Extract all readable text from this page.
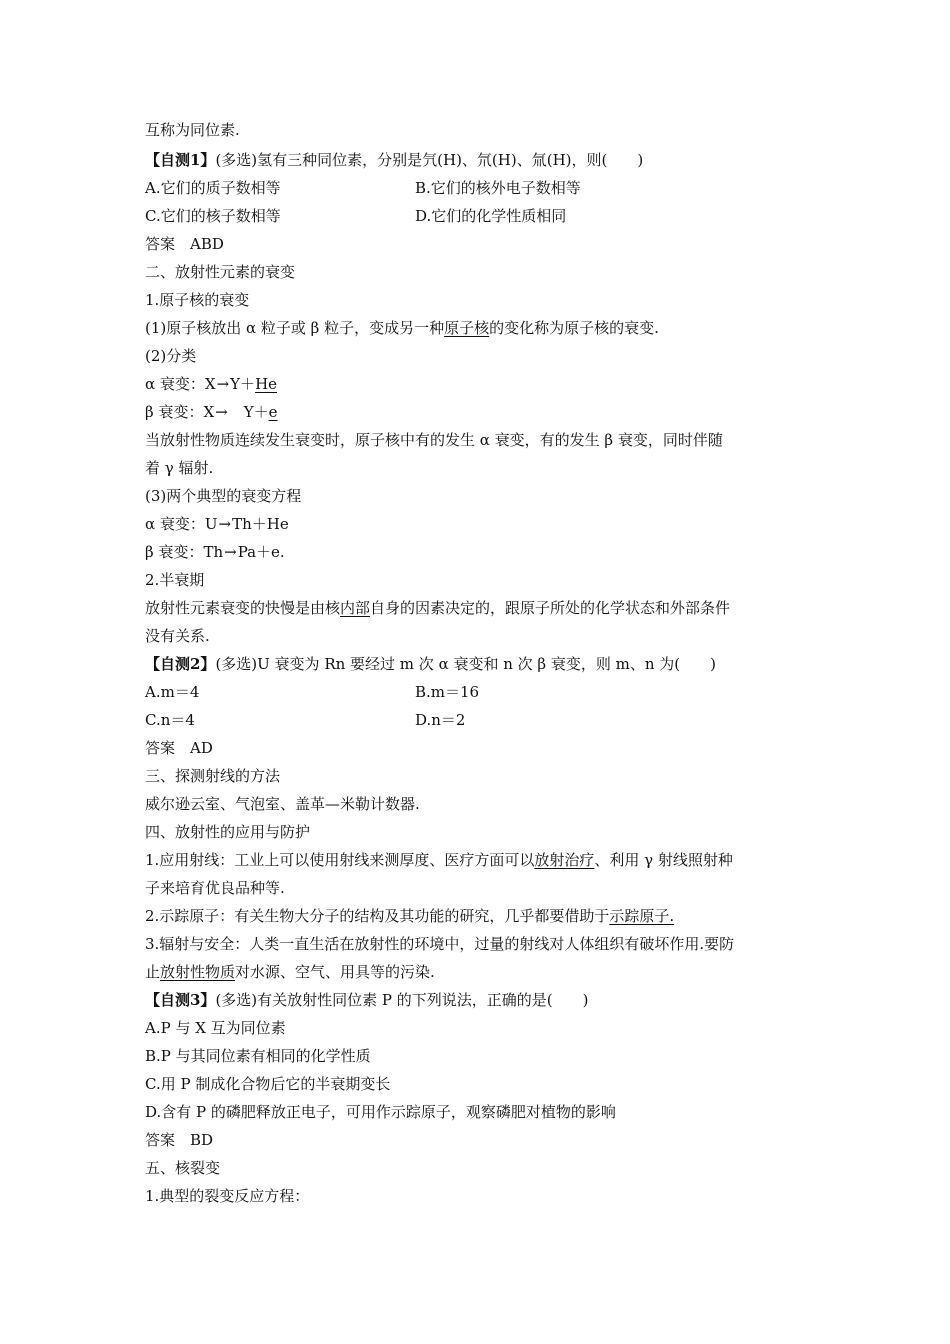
互称为同位素.
【自测1】(多选)氢有三种同位素，分别是氕(H)、氘(H)、氚(H)，则(　　)
A.它们的质子数相等	B.它们的核外电子数相等
C.它们的核子数相等	D.它们的化学性质相同
答案　ABD
二、放射性元素的衰变
1.原子核的衰变
(1)原子核放出 α 粒子或 β 粒子，变成另一种原子核的变化称为原子核的衰变.
(2)分类
α 衰变：X→Y＋He
β 衰变：X→　Y＋e
当放射性物质连续发生衰变时，原子核中有的发生 α 衰变，有的发生 β 衰变，同时伴随
着 γ 辐射.
(3)两个典型的衰变方程
α 衰变：U→Th＋He
β 衰变：Th→Pa＋e.
2.半衰期
放射性元素衰变的快慢是由核内部自身的因素决定的，跟原子所处的化学状态和外部条件
没有关系.
【自测2】(多选)U 衰变为 Rn 要经过 m 次 α 衰变和 n 次 β 衰变，则 m、n 为(　　)
A.m＝4	B.m＝16
C.n＝4	D.n＝2
答案　AD
三、探测射线的方法
威尔逊云室、气泡室、盖革—米勒计数器.
四、放射性的应用与防护
1.应用射线：工业上可以使用射线来测厚度、医疗方面可以放射治疗、利用 γ 射线照射种
子来培育优良品种等.
2.示踪原子：有关生物大分子的结构及其功能的研究，几乎都要借助于示踪原子.
3.辐射与安全：人类一直生活在放射性的环境中，过量的射线对人体组织有破坏作用.要防
止放射性物质对水源、空气、用具等的污染.
【自测3】(多选)有关放射性同位素 P 的下列说法，正确的是(　　)
A.P 与 X 互为同位素
B.P 与其同位素有相同的化学性质
C.用 P 制成化合物后它的半衰期变长
D.含有 P 的磷肥释放正电子，可用作示踪原子，观察磷肥对植物的影响
答案　BD
五、核裂变
1.典型的裂变反应方程：
